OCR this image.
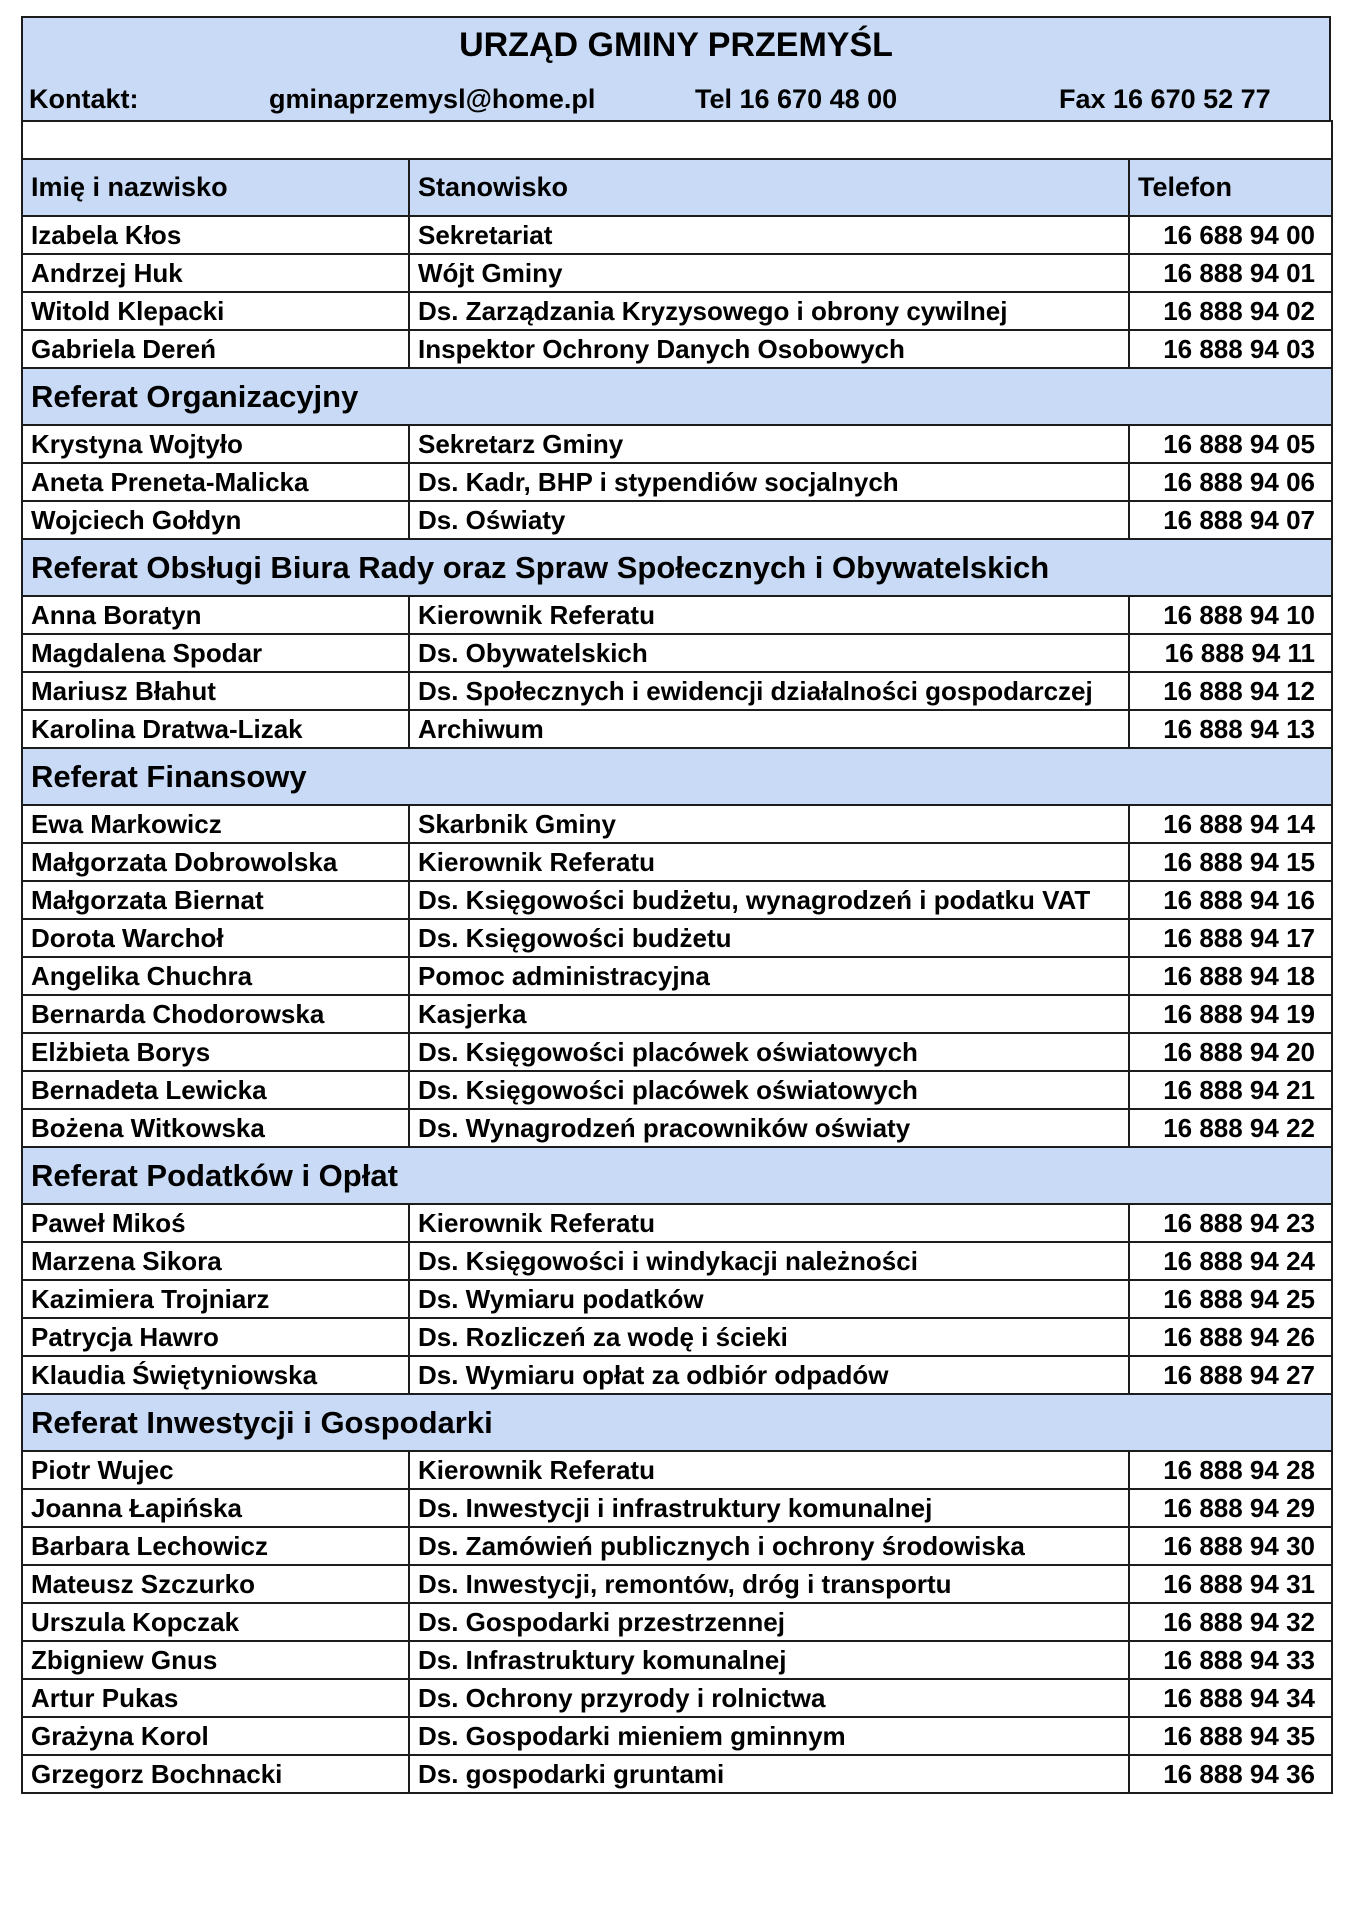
URZĄD GMINY PRZEMYŚL
Kontakt:	gminaprzemysl@home.pl	Tel 16 670 48 00	Fax 16 670 52 77

Imię i nazwisko	Stanowisko	Telefon
Izabela Kłos	Sekretariat	16 688 94 00
Andrzej Huk	Wójt Gminy	16 888 94 01
Witold Klepacki	Ds. Zarządzania Kryzysowego i obrony cywilnej	16 888 94 02
Gabriela Dereń	Inspektor Ochrony Danych Osobowych	16 888 94 03
Referat Organizacyjny		
Krystyna Wojtyło	Sekretarz Gminy	16 888 94 05
Aneta Preneta-Malicka	Ds. Kadr, BHP i stypendiów socjalnych	16 888 94 06
Wojciech Gołdyn	Ds. Oświaty	16 888 94 07
Referat Obsługi Biura Rady oraz Spraw Społecznych i Obywatelskich		
Anna Boratyn	Kierownik Referatu	16 888 94 10
Magdalena Spodar	Ds. Obywatelskich	16 888 94 11
Mariusz Błahut	Ds. Społecznych i ewidencji działalności gospodarczej	16 888 94 12
Karolina Dratwa-Lizak	Archiwum	16 888 94 13
Referat Finansowy		
Ewa Markowicz	Skarbnik Gminy	16 888 94 14
Małgorzata Dobrowolska	Kierownik Referatu	16 888 94 15
Małgorzata Biernat	Ds. Księgowości budżetu, wynagrodzeń i podatku VAT	16 888 94 16
Dorota Warchoł	Ds. Księgowości budżetu	16 888 94 17
Angelika Chuchra	Pomoc administracyjna	16 888 94 18
Bernarda Chodorowska	Kasjerka	16 888 94 19
Elżbieta Borys	Ds. Księgowości placówek oświatowych	16 888 94 20
Bernadeta Lewicka	Ds. Księgowości placówek oświatowych	16 888 94 21
Bożena Witkowska	Ds. Wynagrodzeń pracowników oświaty	16 888 94 22
Referat Podatków i Opłat		
Paweł Mikoś	Kierownik Referatu	16 888 94 23
Marzena Sikora	Ds. Księgowości i windykacji należności	16 888 94 24
Kazimiera Trojniarz	Ds. Wymiaru podatków	16 888 94 25
Patrycja Hawro	Ds. Rozliczeń za wodę i ścieki	16 888 94 26
Klaudia Świętyniowska	Ds. Wymiaru opłat za odbiór odpadów	16 888 94 27
Referat Inwestycji i Gospodarki		
Piotr Wujec	Kierownik Referatu	16 888 94 28
Joanna Łapińska	Ds. Inwestycji i infrastruktury komunalnej	16 888 94 29
Barbara Lechowicz	Ds. Zamówień publicznych i ochrony środowiska	16 888 94 30
Mateusz Szczurko	Ds. Inwestycji, remontów, dróg i transportu	16 888 94 31
Urszula Kopczak	Ds. Gospodarki przestrzennej	16 888 94 32
Zbigniew Gnus	Ds. Infrastruktury komunalnej	16 888 94 33
Artur Pukas	Ds. Ochrony przyrody i rolnictwa	16 888 94 34
Grażyna Korol	Ds. Gospodarki mieniem gminnym	16 888 94 35
Grzegorz Bochnacki	Ds. gospodarki gruntami	16 888 94 36
